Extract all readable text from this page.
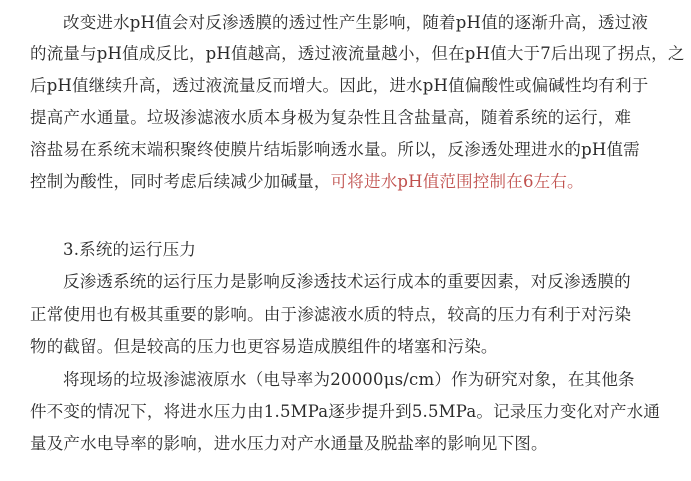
改变进水pH值会对反渗透膜的透过性产生影响，随着pH值的逐渐升高，透过液
的流量与pH值成反比，pH值越高，透过液流量越小，但在pH值大于7后出现了拐点，之
后pH值继续升高，透过液流量反而增大。因此，进水pH值偏酸性或偏碱性均有利于
提高产水通量。垃圾渗滤液水质本身极为复杂性且含盐量高，随着系统的运行，难
溶盐易在系统末端积聚终使膜片结垢影响透水量。所以，反渗透处理进水的pH值需
控制为酸性，同时考虑后续减少加碱量，可将进水pH值范围控制在6左右。
3.系统的运行压力
反渗透系统的运行压力是影响反渗透技术运行成本的重要因素，对反渗透膜的
正常使用也有极其重要的影响。由于渗滤液水质的特点，较高的压力有利于对污染
物的截留。但是较高的压力也更容易造成膜组件的堵塞和污染。
将现场的垃圾渗滤液原水（电导率为20000μs/cm）作为研究对象，在其他条
件不变的情况下，将进水压力由1.5MPa逐步提升到5.5MPa。记录压力变化对产水通
量及产水电导率的影响，进水压力对产水通量及脱盐率的影响见下图。
